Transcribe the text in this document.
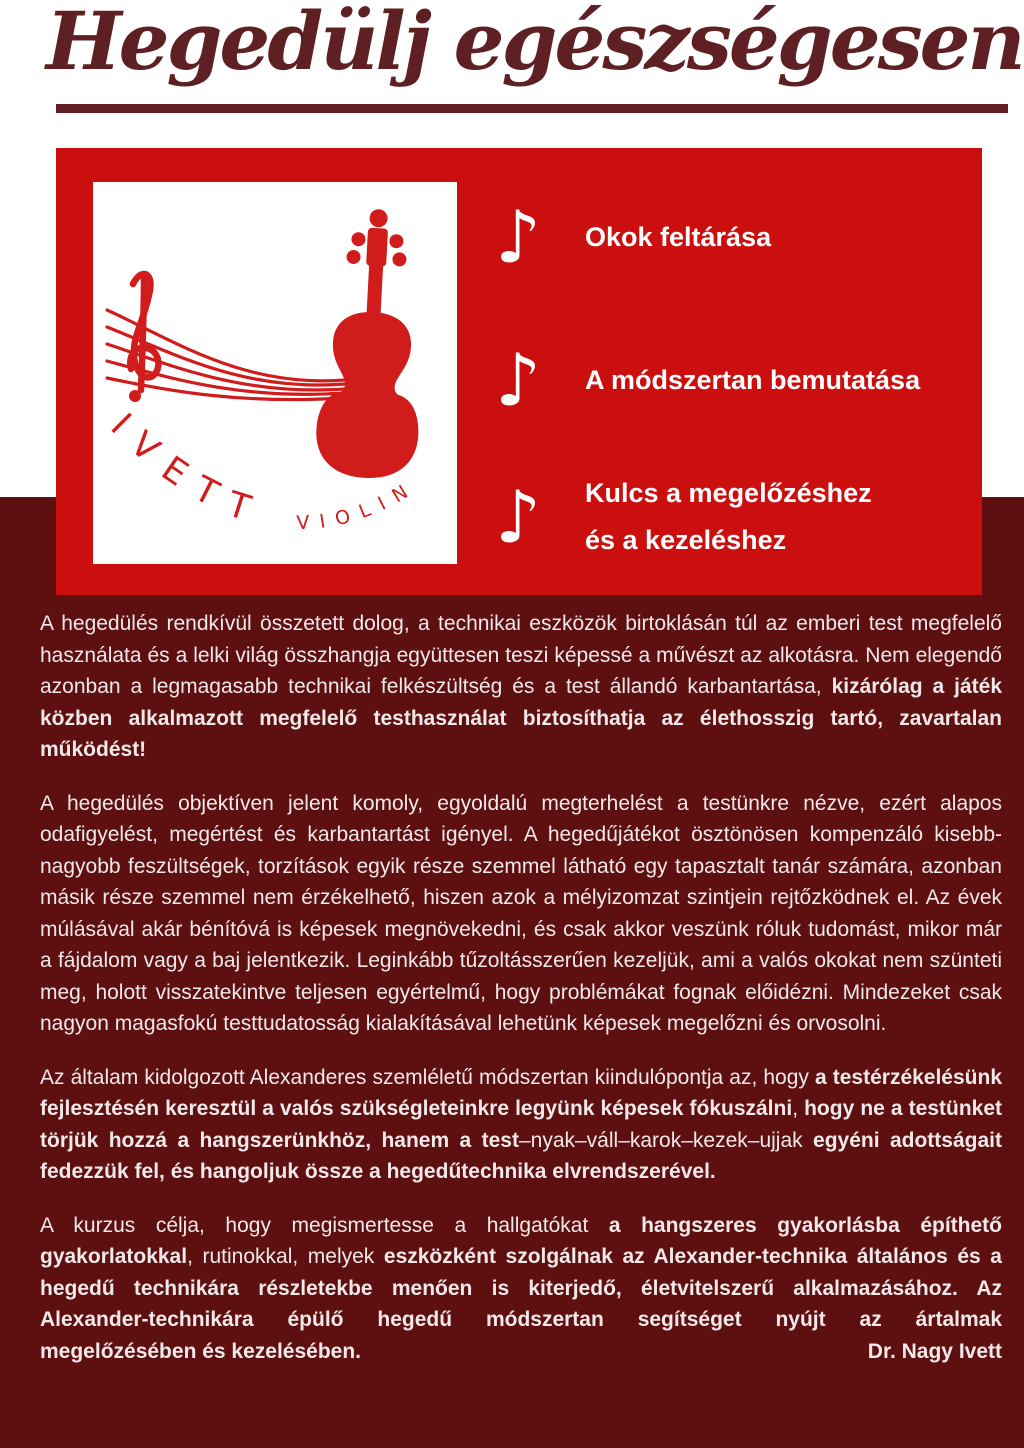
Hegedülj egészségesen
IVETT VIOLIN
♪ Okok feltárása
♪ A módszertan bemutatása
♪ Kulcs a megelőzéshez
és a kezeléshez

A hegedülés rendkívül összetett dolog, a technikai eszközök birtoklásán túl az emberi test megfelelő használata és a lelki világ összhangja együttesen teszi képessé a művészt az alkotásra. Nem elegendő azonban a legmagasabb technikai felkészültség és a test állandó karbantartása, kizárólag a játék közben alkalmazott megfelelő testhasználat biztosíthatja az élethosszig tartó, zavartalan működést!

A hegedülés objektíven jelent komoly, egyoldalú megterhelést a testünkre nézve, ezért alapos odafigyelést, megértést és karbantartást igényel. A hegedűjátékot ösztönösen kompenzáló kisebb-nagyobb feszültségek, torzítások egyik része szemmel látható egy tapasztalt tanár számára, azonban másik része szemmel nem érzékelhető, hiszen azok a mélyizomzat szintjein rejtőzködnek el. Az évek múlásával akár bénítóvá is képesek megnövekedni, és csak akkor veszünk róluk tudomást, mikor már a fájdalom vagy a baj jelentkezik. Leginkább tűzoltásszerűen kezeljük, ami a valós okokat nem szünteti meg, holott visszatekintve teljesen egyértelmű, hogy problémákat fognak előidézni. Mindezeket csak nagyon magasfokú testtudatosság kialakításával lehetünk képesek megelőzni és orvosolni.

Az általam kidolgozott Alexanderes szemléletű módszertan kiindulópontja az, hogy a testérzékelésünk fejlesztésén keresztül a valós szükségleteinkre legyünk képesek fókuszálni, hogy ne a testünket törjük hozzá a hangszerünkhöz, hanem a test–nyak–váll–karok–kezek–ujjak egyéni adottságait fedezzük fel, és hangoljuk össze a hegedűtechnika elvrendszerével.

A kurzus célja, hogy megismertesse a hallgatókat a hangszeres gyakorlásba építhető gyakorlatokkal, rutinokkal, melyek eszközként szolgálnak az Alexander-technika általános és a hegedű technikára részletekbe menően is kiterjedő, életvitelszerű alkalmazásához. Az Alexander-technikára épülő hegedű módszertan segítséget nyújt az ártalmak

megelőzésében és kezelésében.	Dr. Nagy Ivett
